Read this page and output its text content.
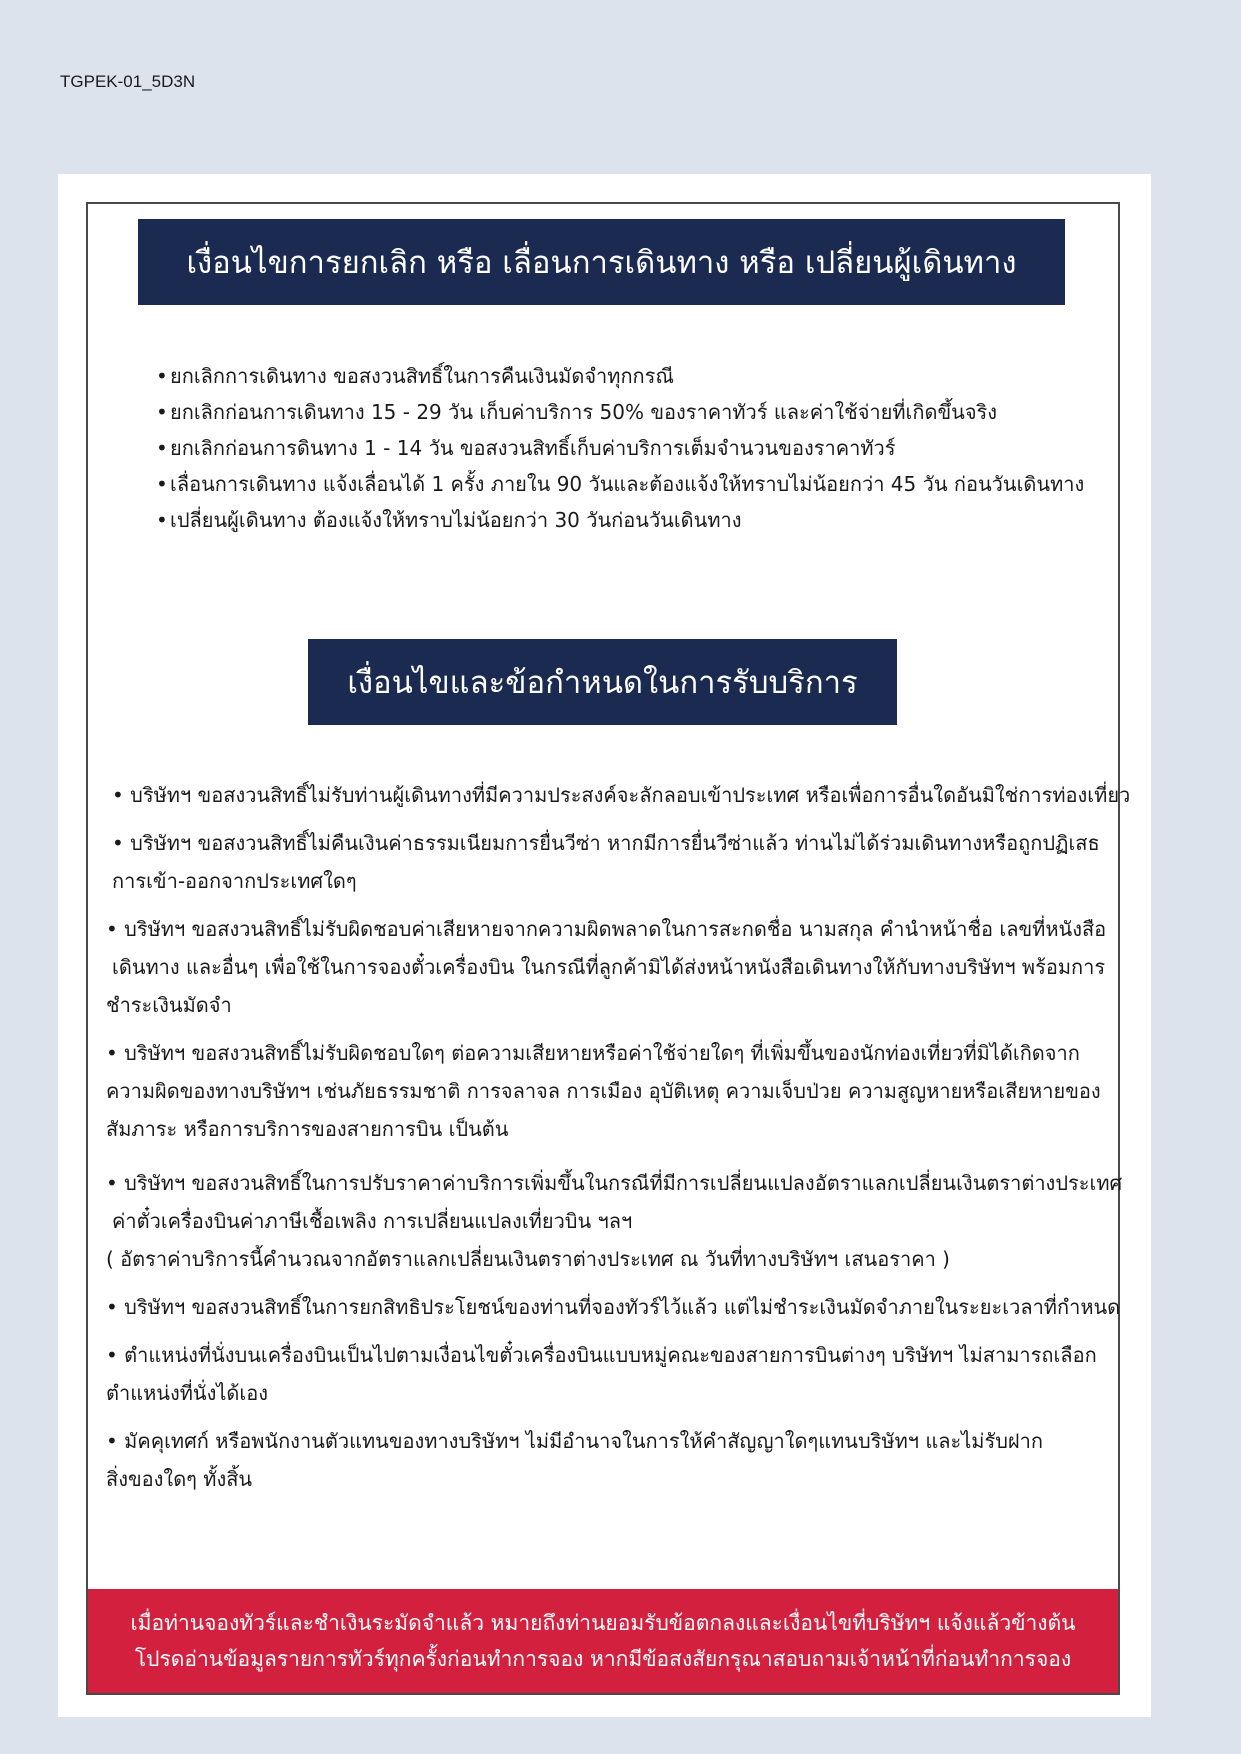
TGPEK-01_5D3N
เงื่อนไขการยกเลิก หรือ เลื่อนการเดินทาง หรือ เปลี่ยนผู้เดินทาง
• ยกเลิกการเดินทาง ขอสงวนสิทธิ์ในการคืนเงินมัดจำทุกกรณี
• ยกเลิกก่อนการเดินทาง 15 - 29 วัน เก็บค่าบริการ 50% ของราคาทัวร์ และค่าใช้จ่ายที่เกิดขึ้นจริง
• ยกเลิกก่อนการดินทาง 1 - 14 วัน ขอสงวนสิทธิ์เก็บค่าบริการเต็มจำนวนของราคาทัวร์
• เลื่อนการเดินทาง แจ้งเลื่อนได้ 1 ครั้ง ภายใน 90 วันและต้องแจ้งให้ทราบไม่น้อยกว่า 45 วัน ก่อนวันเดินทาง
• เปลี่ยนผู้เดินทาง ต้องแจ้งให้ทราบไม่น้อยกว่า 30 วันก่อนวันเดินทาง
เงื่อนไขและข้อกำหนดในการรับบริการ

• บริษัทฯ ขอสงวนสิทธิ์ไม่รับท่านผู้เดินทางที่มีความประสงค์จะลักลอบเข้าประเทศ หรือเพื่อการอื่นใดอันมิใช่การท่องเที่ยว

• บริษัทฯ ขอสงวนสิทธิ์ไม่คืนเงินค่าธรรมเนียมการยื่นวีซ่า หากมีการยื่นวีซ่าแล้ว ท่านไม่ได้ร่วมเดินทางหรือถูกปฏิเสธ
การเข้า-ออกจากประเทศใดๆ

• บริษัทฯ ขอสงวนสิทธิ์ไม่รับผิดชอบค่าเสียหายจากความผิดพลาดในการสะกดชื่อ นามสกุล คำนำหน้าชื่อ เลขที่หนังสือ
เดินทาง และอื่นๆ เพื่อใช้ในการจองตั๋วเครื่องบิน ในกรณีที่ลูกค้ามิได้ส่งหน้าหนังสือเดินทางให้กับทางบริษัทฯ พร้อมการ
ชำระเงินมัดจำ

• บริษัทฯ ขอสงวนสิทธิ์ไม่รับผิดชอบใดๆ ต่อความเสียหายหรือค่าใช้จ่ายใดๆ ที่เพิ่มขึ้นของนักท่องเที่ยวที่มิได้เกิดจาก
ความผิดของทางบริษัทฯ เช่นภัยธรรมชาติ การจลาจล การเมือง อุบัติเหตุ ความเจ็บป่วย ความสูญหายหรือเสียหายของ
สัมภาระ หรือการบริการของสายการบิน เป็นต้น

• บริษัทฯ ขอสงวนสิทธิ์ในการปรับราคาค่าบริการเพิ่มขึ้นในกรณีที่มีการเปลี่ยนแปลงอัตราแลกเปลี่ยนเงินตราต่างประเทศ
ค่าตั๋วเครื่องบินค่าภาษีเชื้อเพลิง การเปลี่ยนแปลงเที่ยวบิน ฯลฯ
( อัตราค่าบริการนี้คำนวณจากอัตราแลกเปลี่ยนเงินตราต่างประเทศ ณ วันที่ทางบริษัทฯ เสนอราคา )

• บริษัทฯ ขอสงวนสิทธิ์ในการยกสิทธิประโยชน์ของท่านที่จองทัวร์ไว้แล้ว แต่ไม่ชำระเงินมัดจำภายในระยะเวลาที่กำหนด

• ตำแหน่งที่นั่งบนเครื่องบินเป็นไปตามเงื่อนไขตั๋วเครื่องบินแบบหมู่คณะของสายการบินต่างๆ บริษัทฯ ไม่สามารถเลือก
ตำแหน่งที่นั่งได้เอง

• มัคคุเทศก์ หรือพนักงานตัวแทนของทางบริษัทฯ ไม่มีอำนาจในการให้คำสัญญาใดๆแทนบริษัทฯ และไม่รับฝาก
สิ่งของใดๆ ทั้งสิ้น

เมื่อท่านจองทัวร์และชำเงินระมัดจำแล้ว หมายถึงท่านยอมรับข้อตกลงและเงื่อนไขที่บริษัทฯ แจ้งแล้วข้างต้น
โปรดอ่านข้อมูลรายการทัวร์ทุกครั้งก่อนทำการจอง หากมีข้อสงสัยกรุณาสอบถามเจ้าหน้าที่ก่อนทำการจอง
